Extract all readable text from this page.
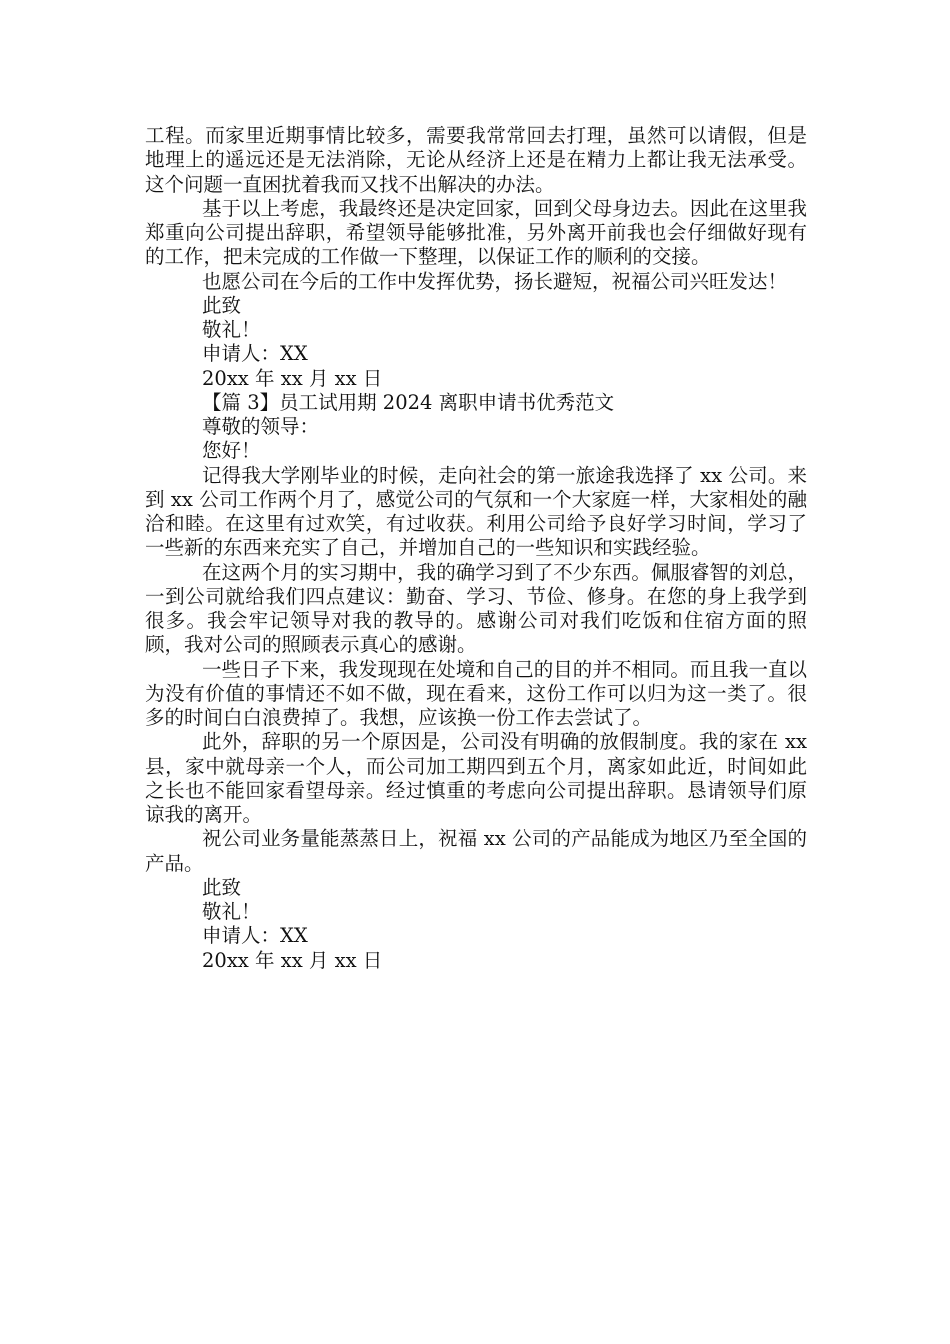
工程。而家里近期事情比较多，需要我常常回去打理，虽然可以请假，但是地理上的遥远还是无法消除，无论从经济上还是在精力上都让我无法承受。这个问题一直困扰着我而又找不出解决的办法。

基于以上考虑，我最终还是决定回家，回到父母身边去。因此在这里我郑重向公司提出辞职，希望领导能够批准，另外离开前我也会仔细做好现有的工作，把未完成的工作做一下整理，以保证工作的顺利的交接。

也愿公司在今后的工作中发挥优势，扬长避短，祝福公司兴旺发达！

此致

敬礼！

申请人：XX

20xx 年 xx 月 xx 日

【篇 3】员工试用期 2024 离职申请书优秀范文

尊敬的领导：

您好！

记得我大学刚毕业的时候，走向社会的第一旅途我选择了 xx 公司。来到 xx 公司工作两个月了，感觉公司的气氛和一个大家庭一样，大家相处的融洽和睦。在这里有过欢笑，有过收获。利用公司给予良好学习时间，学习了一些新的东西来充实了自己，并增加自己的一些知识和实践经验。

在这两个月的实习期中，我的确学习到了不少东西。佩服睿智的刘总，一到公司就给我们四点建议：勤奋、学习、节俭、修身。在您的身上我学到很多。我会牢记领导对我的教导的。感谢公司对我们吃饭和住宿方面的照顾，我对公司的照顾表示真心的感谢。

一些日子下来，我发现现在处境和自己的目的并不相同。而且我一直以为没有价值的事情还不如不做，现在看来，这份工作可以归为这一类了。很多的时间白白浪费掉了。我想，应该换一份工作去尝试了。

此外，辞职的另一个原因是，公司没有明确的放假制度。我的家在 xx 县，家中就母亲一个人，而公司加工期四到五个月，离家如此近，时间如此之长也不能回家看望母亲。经过慎重的考虑向公司提出辞职。恳请领导们原谅我的离开。

祝公司业务量能蒸蒸日上，祝福 xx 公司的产品能成为地区乃至全国的产品。

此致

敬礼！

申请人：XX

20xx 年 xx 月 xx 日
